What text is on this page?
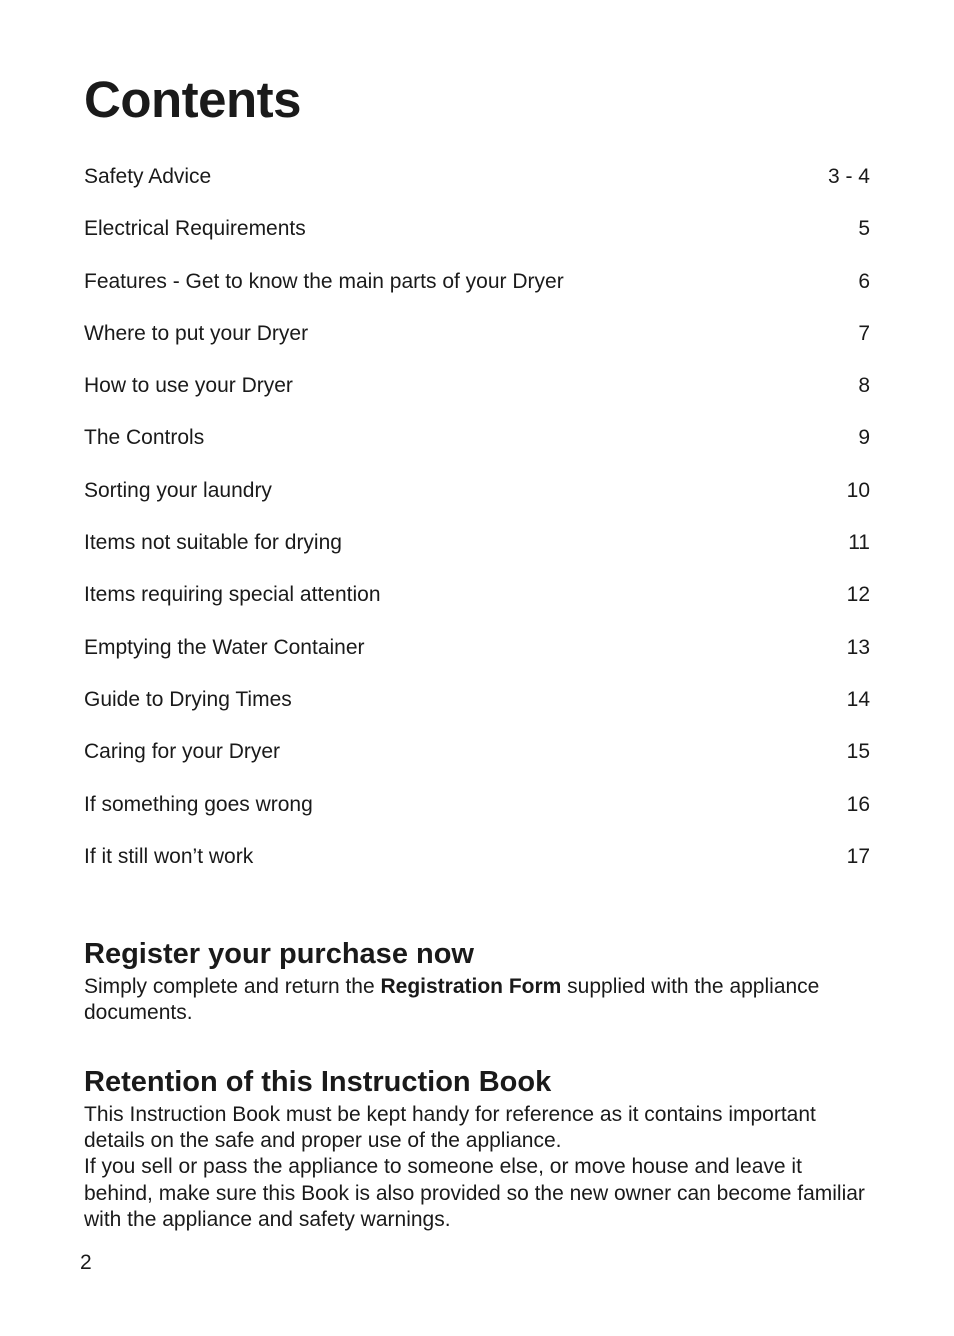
Contents
Safety Advice	3 - 4
Electrical Requirements	5
Features - Get to know the main parts of your Dryer	6
Where to put your Dryer	7
How to use your Dryer	8
The Controls	9
Sorting your laundry	10
Items not suitable for drying	11
Items requiring special attention	12
Emptying the Water Container	13
Guide to Drying Times	14
Caring for your Dryer	15
If something goes wrong	16
If it still won’t work	17
Register your purchase now

Simply complete and return the Registration Form supplied with the appliance documents.

Retention of this Instruction Book

This Instruction Book must be kept handy for reference as it contains important details on the safe and proper use of the appliance.

If you sell or pass the appliance to someone else, or move house and leave it behind, make sure this Book is also provided so the new owner can become familiar with the appliance and safety warnings.

2
